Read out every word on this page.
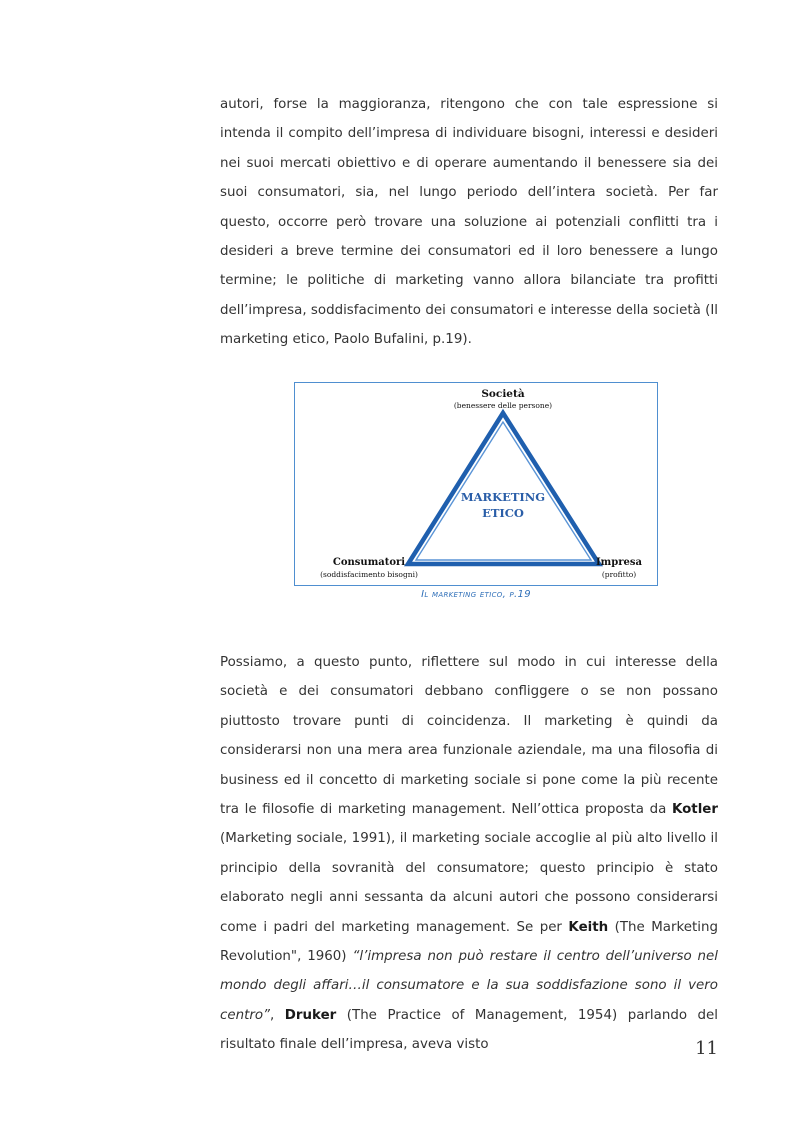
autori, forse la maggioranza, ritengono che con tale espressione si intenda il compito dell’impresa di individuare bisogni, interessi e desideri nei suoi mercati obiettivo e di operare aumentando il benessere sia dei suoi consumatori, sia, nel lungo periodo dell’intera società. Per far questo, occorre però trovare una soluzione ai potenziali conflitti tra i desideri a breve termine dei consumatori ed il loro benessere a lungo termine; le politiche di marketing vanno allora bilanciate tra profitti dell’impresa, soddisfacimento dei consumatori e interesse della società (Il marketing etico, Paolo Bufalini, p.19).

Società
(benessere delle persone)
MARKETING
ETICO
Consumatori
(soddisfacimento bisogni)
Impresa
(profitto)
Il marketing etico, p.19

Possiamo, a questo punto, riflettere sul modo in cui interesse della società e dei consumatori debbano confliggere o se non possano piuttosto trovare punti di coincidenza. Il marketing è quindi da considerarsi non una mera area funzionale aziendale, ma una filosofia di business ed il concetto di marketing sociale si pone come la più recente tra le filosofie di marketing management. Nell’ottica proposta da Kotler (Marketing sociale, 1991), il marketing sociale accoglie al più alto livello il principio della sovranità del consumatore; questo principio è stato elaborato negli anni sessanta da alcuni autori che possono considerarsi come i padri del marketing management. Se per Keith (The Marketing Revolution", 1960) “l’impresa non può restare il centro dell’universo nel mondo degli affari…il consumatore e la sua soddisfazione sono il vero centro”, Druker (The Practice of Management, 1954) parlando del risultato finale dell’impresa, aveva visto	11
